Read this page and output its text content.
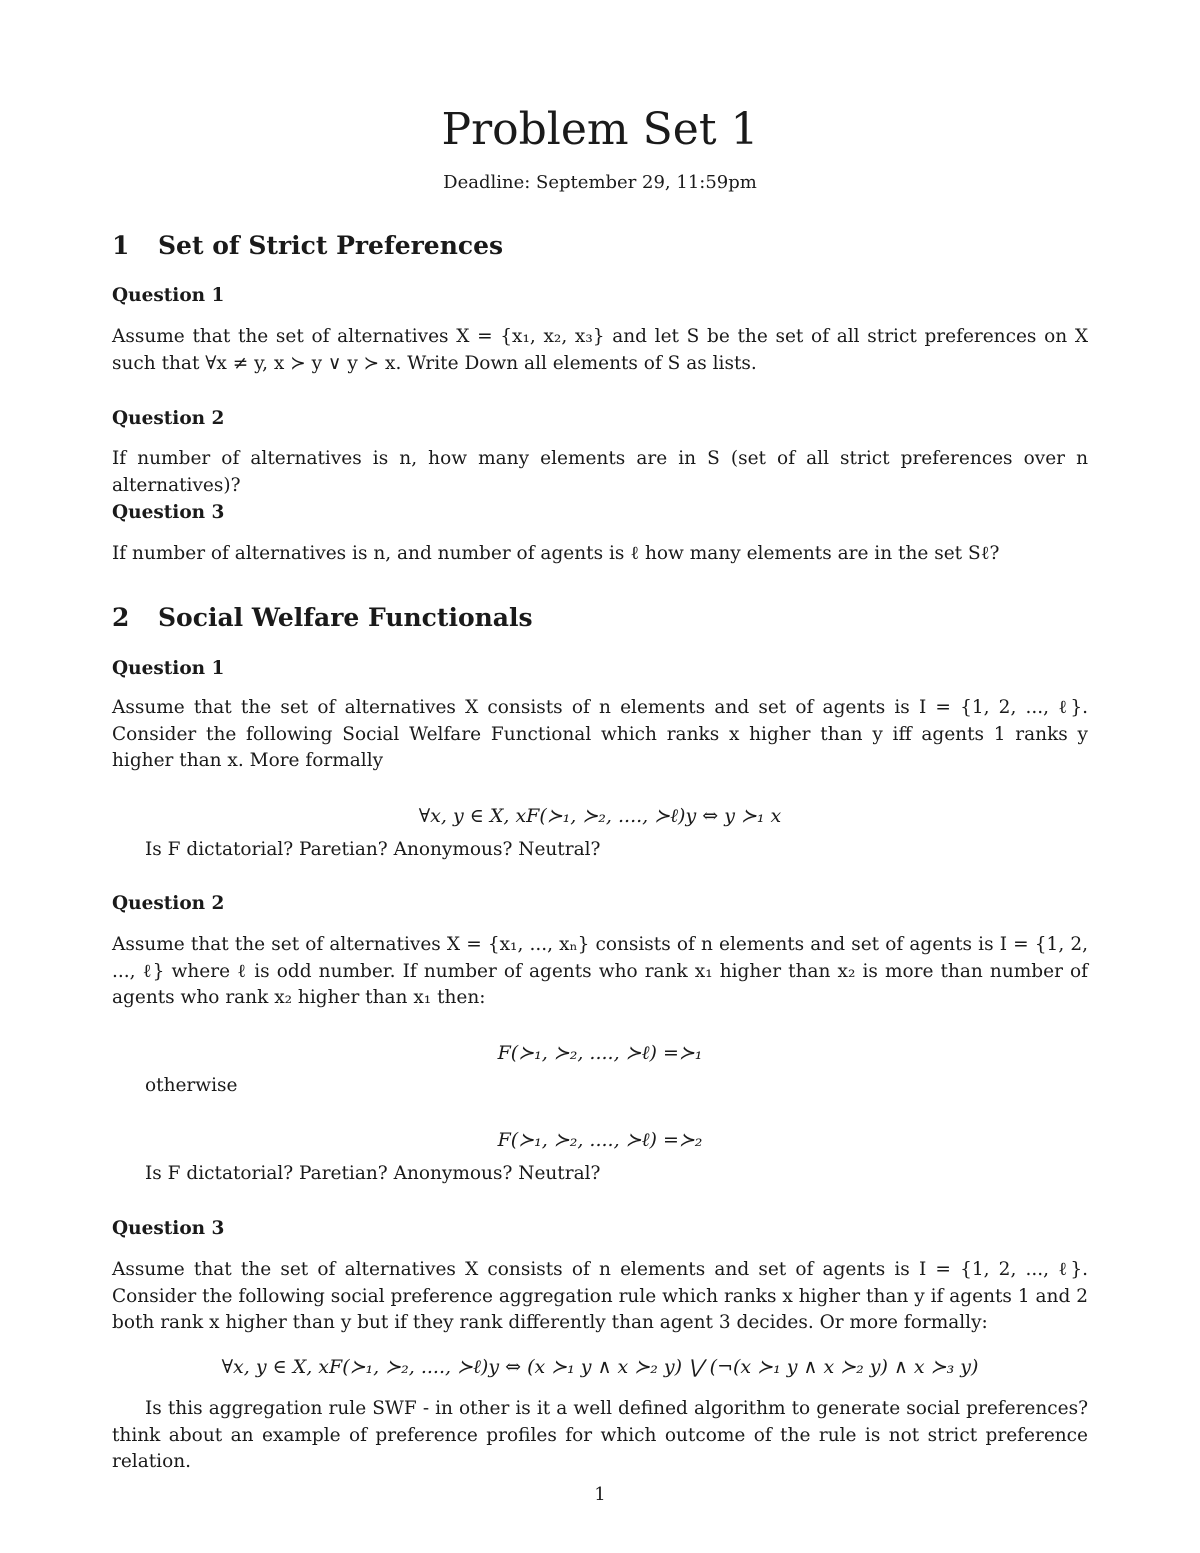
Problem Set 1
Deadline: September 29, 11:59pm
1 Set of Strict Preferences
Question 1
Assume that the set of alternatives X = {x₁, x₂, x₃} and let S be the set of all strict preferences on X such that ∀x ≠ y, x ≻ y ∨ y ≻ x. Write Down all elements of S as lists.
Question 2
If number of alternatives is n, how many elements are in S (set of all strict preferences over n alternatives)?
Question 3
If number of alternatives is n, and number of agents is ℓ how many elements are in the set Sℓ?
2 Social Welfare Functionals
Question 1
Assume that the set of alternatives X consists of n elements and set of agents is I = {1, 2, ..., ℓ}. Consider the following Social Welfare Functional which ranks x higher than y iff agents 1 ranks y higher than x. More formally
∀x, y ∈ X, xF(≻₁, ≻₂, ...., ≻ℓ)y ⇔ y ≻₁ x
Is F dictatorial? Paretian? Anonymous? Neutral?
Question 2
Assume that the set of alternatives X = {x₁, ..., xₙ} consists of n elements and set of agents is I = {1, 2, ..., ℓ} where ℓ is odd number. If number of agents who rank x₁ higher than x₂ is more than number of agents who rank x₂ higher than x₁ then:
F(≻₁, ≻₂, ...., ≻ℓ) =≻₁
otherwise
F(≻₁, ≻₂, ...., ≻ℓ) =≻₂
Is F dictatorial? Paretian? Anonymous? Neutral?
Question 3
Assume that the set of alternatives X consists of n elements and set of agents is I = {1, 2, ..., ℓ}. Consider the following social preference aggregation rule which ranks x higher than y if agents 1 and 2 both rank x higher than y but if they rank differently than agent 3 decides. Or more formally:
∀x, y ∈ X, xF(≻₁, ≻₂, ...., ≻ℓ)y ⇔ (x ≻₁ y ∧ x ≻₂ y) ⋁ (¬(x ≻₁ y ∧ x ≻₂ y) ∧ x ≻₃ y)
Is this aggregation rule SWF - in other is it a well defined algorithm to generate social preferences? think about an example of preference profiles for which outcome of the rule is not strict preference relation.
1
